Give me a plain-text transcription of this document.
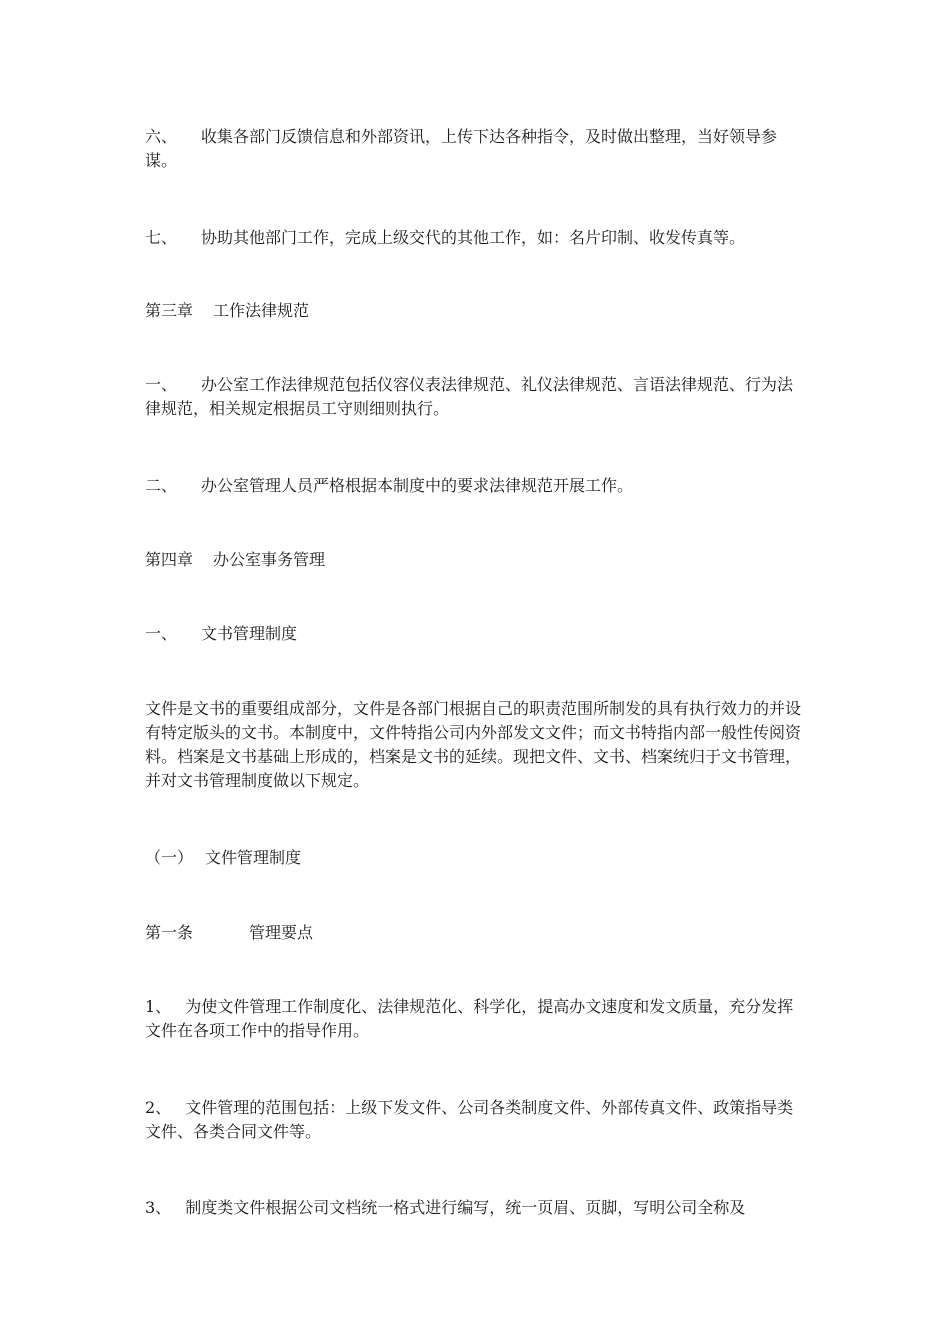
六、 收集各部门反馈信息和外部资讯，上传下达各种指令，及时做出整理，当好领导参谋。

七、 协助其他部门工作，完成上级交代的其他工作，如：名片印制、收发传真等。

第三章 工作法律规范

一、 办公室工作法律规范包括仪容仪表法律规范、礼仪法律规范、言语法律规范、行为法律规范，相关规定根据员工守则细则执行。

二、 办公室管理人员严格根据本制度中的要求法律规范开展工作。

第四章 办公室事务管理

一、 文书管理制度

文件是文书的重要组成部分，文件是各部门根据自己的职责范围所制发的具有执行效力的并设有特定版头的文书。本制度中，文件特指公司内外部发文文件；而文书特指内部一般性传阅资料。档案是文书基础上形成的，档案是文书的延续。现把文件、文书、档案统归于文书管理，并对文书管理制度做以下规定。

（一） 文件管理制度

第一条	管理要点

1、 为使文件管理工作制度化、法律规范化、科学化，提高办文速度和发文质量，充分发挥文件在各项工作中的指导作用。

2、 文件管理的范围包括：上级下发文件、公司各类制度文件、外部传真文件、政策指导类文件、各类合同文件等。

3、 制度类文件根据公司文档统一格式进行编写，统一页眉、页脚，写明公司全称及
